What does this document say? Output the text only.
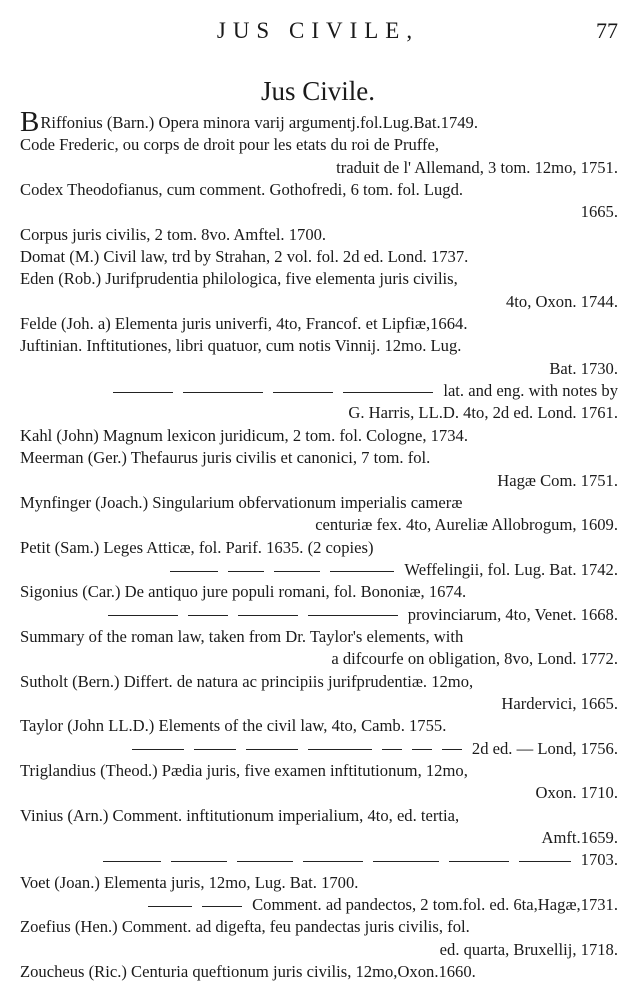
JUS CIVILE,	77
Jus Civile.
BRiffonius (Barn.) Opera minora varij argumentj.fol.Lug.Bat.1749.
Code Frederic, ou corps de droit pour les etats du roi de Pruffe,
traduit de l' Allemand, 3 tom. 12mo, 1751.
Codex Theodofianus, cum comment. Gothofredi, 6 tom. fol. Lugd.
1665.
Corpus juris civilis, 2 tom. 8vo. Amftel. 1700.
Domat (M.) Civil law, trd by Strahan, 2 vol. fol. 2d ed. Lond. 1737.
Eden (Rob.) Jurifprudentia philologica, five elementa juris civilis,
4to, Oxon. 1744.
Felde (Joh. a) Elementa juris univerfi, 4to, Francof. et Lipfiæ,1664.
Juftinian. Inftitutiones, libri quatuor, cum notis Vinnij. 12mo. Lug.
Bat. 1730.
lat. and eng. with notes by
G. Harris, LL.D. 4to, 2d ed. Lond. 1761.
Kahl (John) Magnum lexicon juridicum, 2 tom. fol. Cologne, 1734.
Meerman (Ger.) Thefaurus juris civilis et canonici, 7 tom. fol.
Hagæ Com. 1751.
Mynfinger (Joach.) Singularium obfervationum imperialis cameræ
centuriæ fex. 4to, Aureliæ Allobrogum, 1609.
Petit (Sam.) Leges Atticæ, fol. Parif. 1635. (2 copies)
Weffelingii, fol. Lug. Bat. 1742.
Sigonius (Car.) De antiquo jure populi romani, fol. Bononiæ, 1674.
provinciarum, 4to, Venet. 1668.
Summary of the roman law, taken from Dr. Taylor's elements, with
a difcourfe on obligation, 8vo, Lond. 1772.
Sutholt (Bern.) Differt. de natura ac principiis jurifprudentiæ. 12mo,
Hardervici, 1665.
Taylor (John LL.D.) Elements of the civil law, 4to, Camb. 1755.
2d ed. — Lond, 1756.
Triglandius (Theod.) Pædia juris, five examen inftitutionum, 12mo,
Oxon. 1710.
Vinius (Arn.) Comment. inftitutionum imperialium, 4to, ed. tertia,
Amft.1659.
1703.
Voet (Joan.) Elementa juris, 12mo, Lug. Bat. 1700.
Comment. ad pandectos, 2 tom.fol. ed. 6ta,Hagæ,1731.
Zoefius (Hen.) Comment. ad digefta, feu pandectas juris civilis, fol.
ed. quarta, Bruxellij, 1718.
Zoucheus (Ric.) Centuria queftionum juris civilis, 12mo,Oxon.1660.
